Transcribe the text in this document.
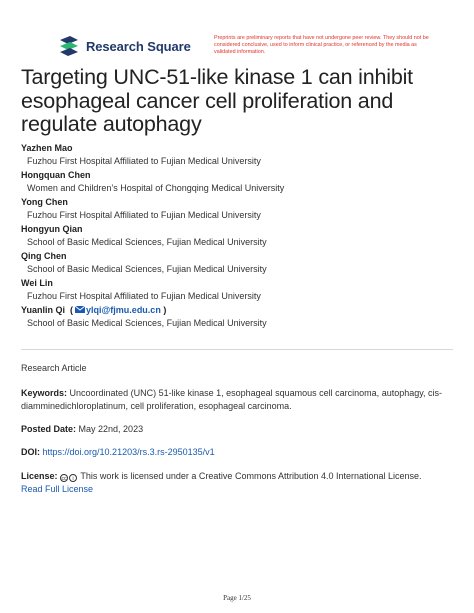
Research Square
Preprints are preliminary reports that have not undergone peer review. They should not be considered conclusive, used to inform clinical practice, or referenced by the media as validated information.
Targeting UNC-51-like kinase 1 can inhibit esophageal cancer cell proliferation and regulate autophagy
Yazhen Mao
Fuzhou First Hospital Affiliated to Fujian Medical University
Hongquan Chen
Women and Children’s Hospital of Chongqing Medical University
Yong Chen
Fuzhou First Hospital Affiliated to Fujian Medical University
Hongyun Qian
School of Basic Medical Sciences, Fujian Medical University
Qing Chen
School of Basic Medical Sciences, Fujian Medical University
Wei Lin
Fuzhou First Hospital Affiliated to Fujian Medical University
Yuanlin Qi  ( ylqi@fjmu.edu.cn )
School of Basic Medical Sciences, Fujian Medical University
Research Article
Keywords: Uncoordinated (UNC) 51-like kinase 1, esophageal squamous cell carcinoma, autophagy, cis-diamminedichloroplatinum, cell proliferation, esophageal carcinoma.
Posted Date: May 22nd, 2023
DOI: https://doi.org/10.21203/rs.3.rs-2950135/v1
License: cc i This work is licensed under a Creative Commons Attribution 4.0 International License.
Read Full License
Page 1/25
